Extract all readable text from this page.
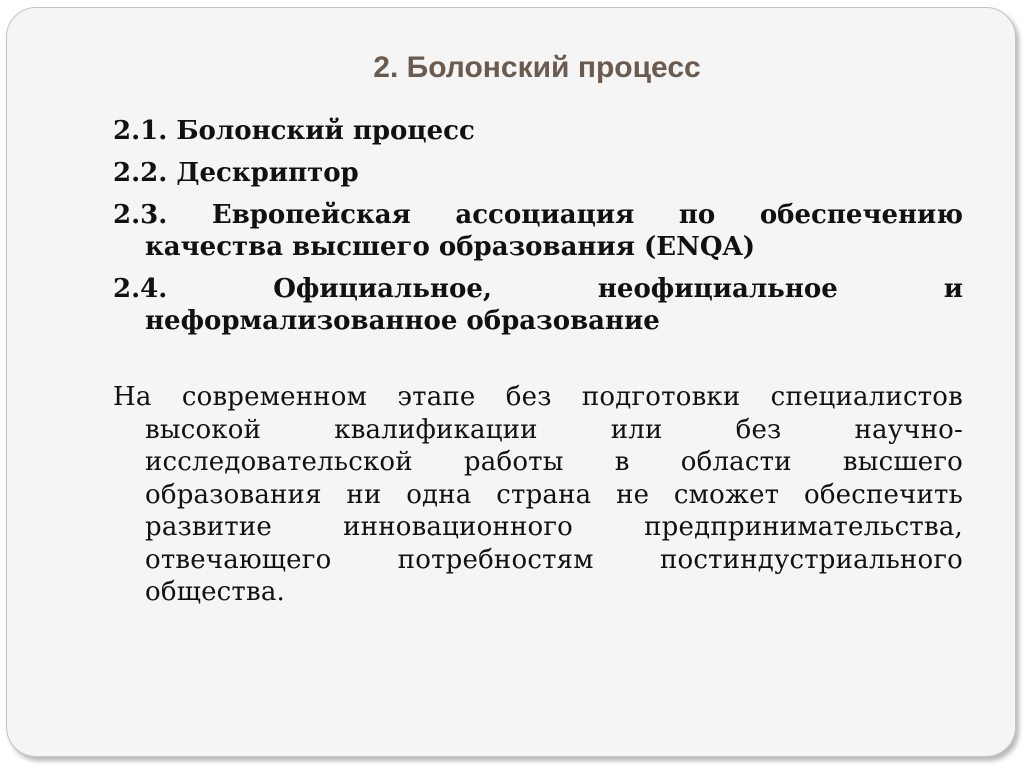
2. Болонский процесс
2.1. Болонский процесс
2.2. Дескриптор
2.3. Европейская ассоциация по обеспечению качества высшего образования (ENQA)
2.4. Официальное, неофициальное и неформализованное образование

На современном этапе без подготовки специалистов высокой квалификации или без научно-исследовательской работы в области высшего образования ни одна страна не сможет обеспечить развитие инновационного предпринимательства, отвечающего потребностям постиндустриального общества.
